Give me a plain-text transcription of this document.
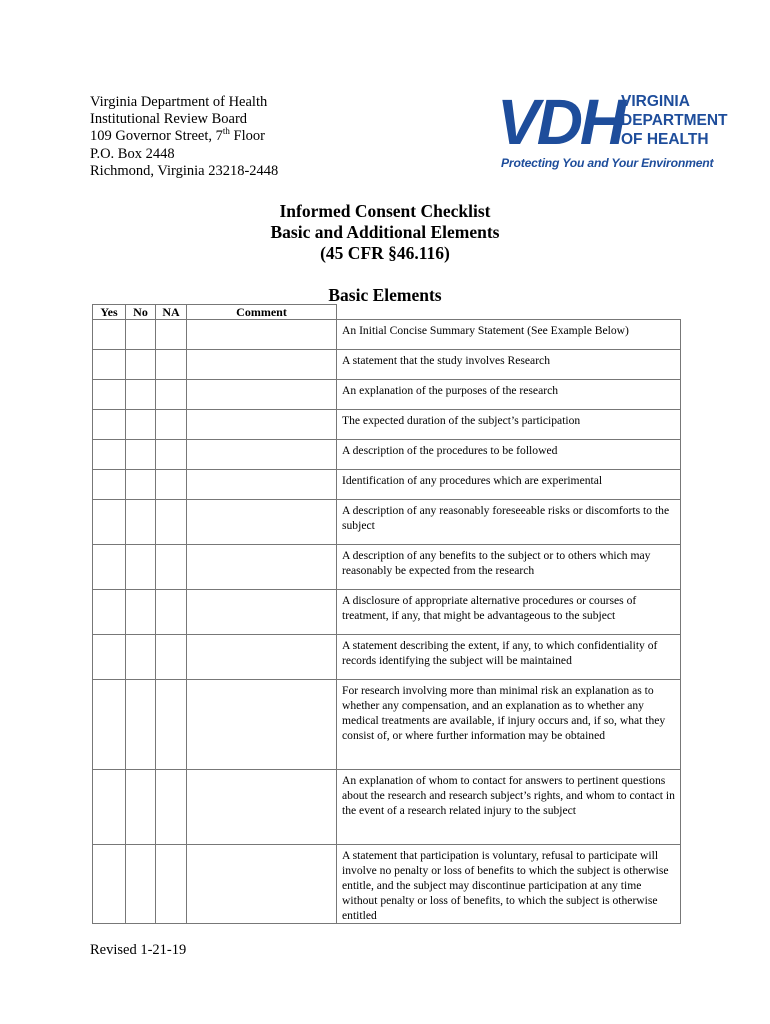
Virginia Department of Health
Institutional Review Board
109 Governor Street, 7th Floor
P.O. Box 2448
Richmond, Virginia 23218-2448
VDH
VIRGINIA
DEPARTMENT
OF HEALTH
Protecting You and Your Environment
Informed Consent Checklist
Basic and Additional Elements
(45 CFR §46.116)
Basic Elements
Yes	No	NA	Comment	
				An Initial Concise Summary Statement (See Example Below)
				A statement that the study involves Research
				An explanation of the purposes of the research
				The expected duration of the subject’s participation
				A description of the procedures to be followed
				Identification of any procedures which are experimental
				A description of any reasonably foreseeable risks or discomforts to the subject
				A description of any benefits to the subject or to others which may reasonably be expected from the research
				A disclosure of appropriate alternative procedures or courses of treatment, if any, that might be advantageous to the subject
				A statement describing the extent, if any, to which confidentiality of records identifying the subject will be maintained
				For research involving more than minimal risk an explanation as to whether any compensation, and an explanation as to whether any medical treatments are available, if injury occurs and, if so, what they consist of, or where further information may be obtained
				An explanation of whom to contact for answers to pertinent questions about the research and research subject’s rights, and whom to contact in the event of a research related injury to the subject
				A statement that participation is voluntary, refusal to participate will involve no penalty or loss of benefits to which the subject is otherwise entitle, and the subject may discontinue participation at any time without penalty or loss of benefits, to which the subject is otherwise entitled
Revised 1-21-19
